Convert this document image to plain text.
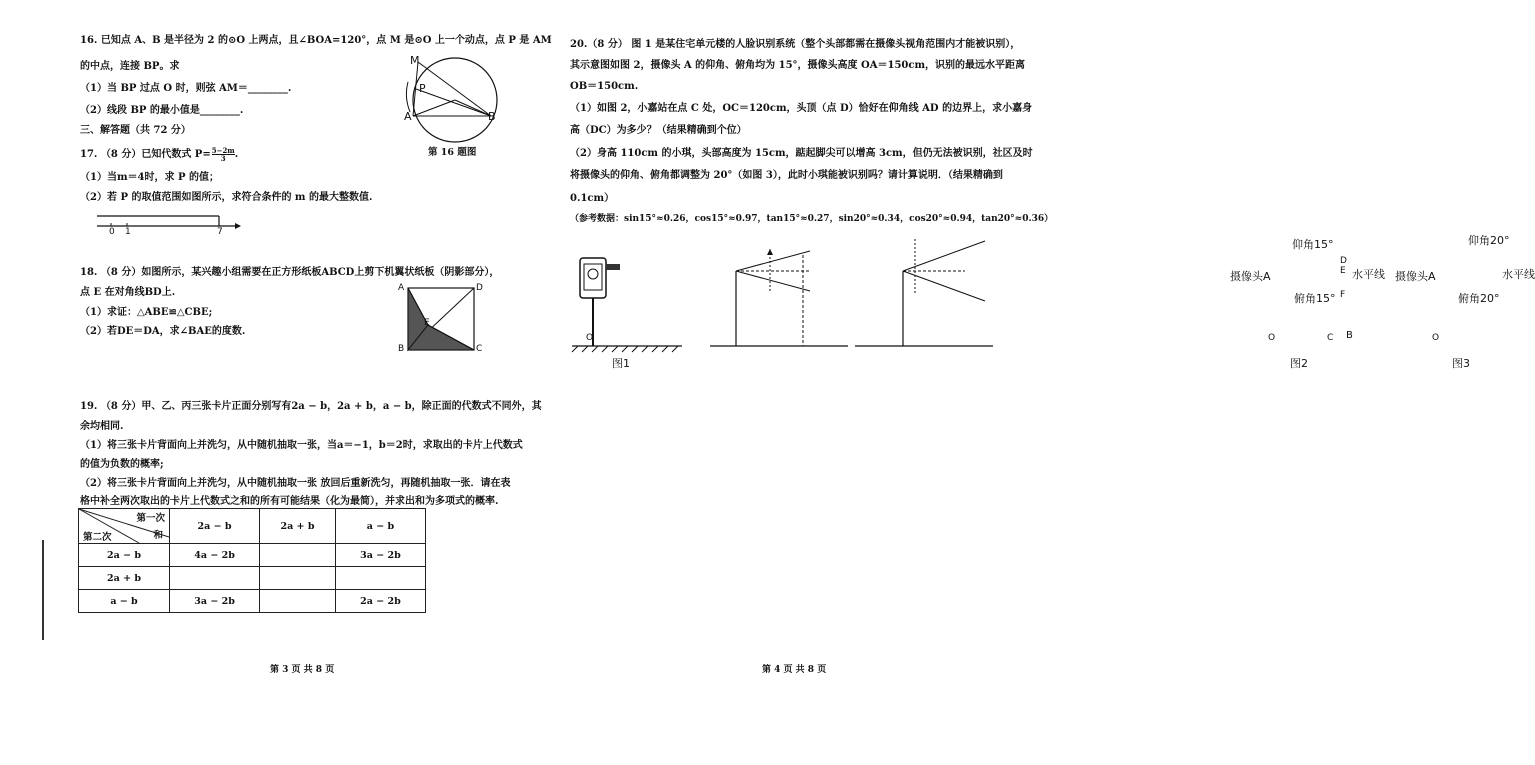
16. 已知点 A、B 是半径为 2 的⊙O 上两点，且∠BOA=120°，点 M 是⊙O 上一个动点，点 P 是 AM
的中点，连接 BP。求
（1）当 BP 过点 O 时，则弦 AM＝________.
（2）线段 BP 的最小值是________.
三、解答题（共 72 分）
M
P
A	B
第 16 题图
17. （8 分）已知代数式 $P= \frac{5-2m}{3}$ .
（1）当m＝4时，求 P 的值；
（2）若 P 的取值范围如图所示，求符合条件的 m 的最大整数值.
0 1	7
18. （8 分）如图所示，某兴趣小组需要在正方形纸板ABCD上剪下机翼状纸板（阴影部分），
点 E 在对角线BD上.
（1）求证：△ABE≌△CBE;
（2）若DE＝DA，求∠BAE的度数.
A	D
E
B	C
19. （8 分）甲、乙、丙三张卡片正面分别写有2a − b，2a + b，a − b，除正面的代数式不同外，其
余均相同.
（1）将三张卡片背面向上并洗匀，从中随机抽取一张，当a＝−1，b＝2时，求取出的卡片上代数式
的值为负数的概率;
（2）将三张卡片背面向上并洗匀，从中随机抽取一张 放回后重新洗匀，再随机抽取一张．请在表
格中补全两次取出的卡片上代数式之和的所有可能结果（化为最简），并求出和为多项式的概率.
第一次
和
第二次	2a − b	2a + b	a − b
2a − b	4a − 2b		3a − 2b
2a + b			
a − b	3a − 2b		2a − 2b
第 3 页 共 8 页
20.（8 分） 图 1 是某住宅单元楼的人脸识别系统（整个头部都需在摄像头视角范围内才能被识别），
其示意图如图 2，摄像头 A 的仰角、俯角均为 15°，摄像头高度 OA＝150cm，识别的最远水平距离
OB＝150cm.
（1）如图 2，小嘉站在点 C 处，OC＝120cm，头顶（点 D）恰好在仰角线 AD 的边界上，求小嘉身
高（DC）为多少？（结果精确到个位）
（2）身高 110cm 的小琪，头部高度为 15cm，踮起脚尖可以增高 3cm，但仍无法被识别，社区及时
将摄像头的仰角、俯角都调整为 20°（如图 3），此时小琪能被识别吗？请计算说明．（结果精确到
0.1cm）
（参考数据：sin15°≈0.26，cos15°≈0.97，tan15°≈0.27，sin20°≈0.34，cos20°≈0.94，tan20°≈0.36）
O
图1
仰角15°
摄像头A	水平线
俯角15°
D
E
F
O	C B
图2
仰角20°
摄像头A	水平线
俯角20°
O
图3
第 4 页 共 8 页
